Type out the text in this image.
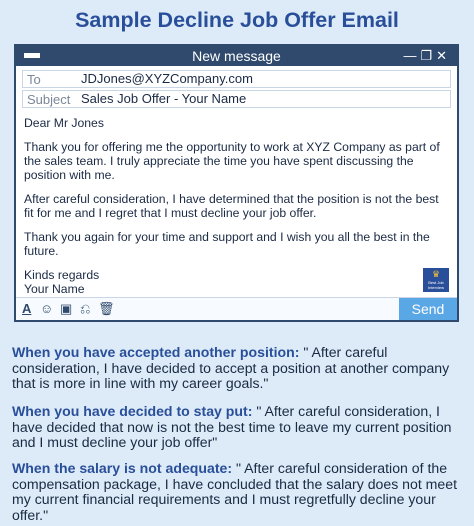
Sample Decline Job Offer Email
New message	—❐✕
To	JDJones@XYZCompany.com
Subject Sales Job Offer - Your Name

Dear Mr Jones

Thank you for offering me the opportunity to work at XYZ Company as part of the sales team. I truly appreciate the time you have spent discussing the position with me.

After careful consideration, I have determined that the position is not the best fit for me and I regret that I must decline your job offer.

Thank you again for your time and support and I wish you all the best in the future.

Kinds regards
Your Name

♛
Best Job Interview
A ☺ ▣ ⎌ 🗑	Send
When you have accepted another position: " After careful consideration, I have decided to accept a position at another company that is more in line with my career goals."
When you have decided to stay put: " After careful consideration, I have decided that now is not the best time to leave my current position and I must decline your job offer"
When the salary is not adequate: " After careful consideration of the compensation package, I have concluded that the salary does not meet my current financial requirements and I must regretfully decline your offer."
